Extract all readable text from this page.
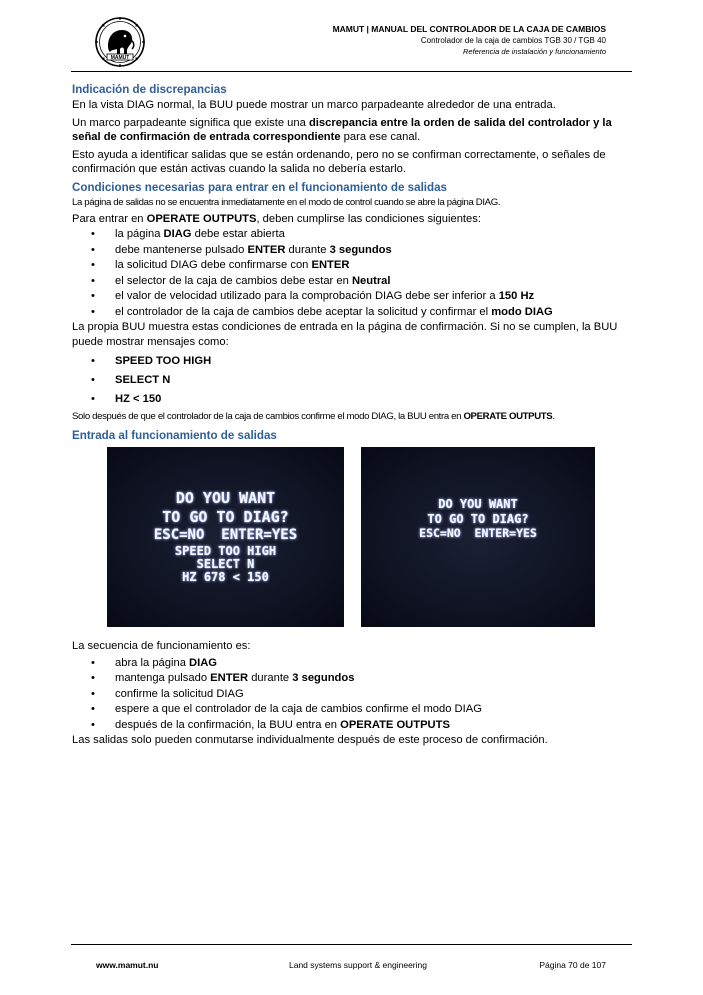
MAMUT
MAMUT | MANUAL DEL CONTROLADOR DE LA CAJA DE CAMBIOS
Controlador de la caja de cambios TGB 30 / TGB 40
Referencia de instalación y funcionamiento
Indicación de discrepancias

En la vista DIAG normal, la BUU puede mostrar un marco parpadeante alrededor de una entrada.

Un marco parpadeante significa que existe una discrepancia entre la orden de salida del controlador y la señal de confirmación de entrada correspondiente para ese canal.

Esto ayuda a identificar salidas que se están ordenando, pero no se confirman correctamente, o señales de confirmación que están activas cuando la salida no debería estarlo.

Condiciones necesarias para entrar en el funcionamiento de salidas

La página de salidas no se encuentra inmediatamente en el modo de control cuando se abre la página DIAG.

Para entrar en OPERATE OUTPUTS, deben cumplirse las condiciones siguientes:

• la página DIAG debe estar abierta
• debe mantenerse pulsado ENTER durante 3 segundos
• la solicitud DIAG debe confirmarse con ENTER
• el selector de la caja de cambios debe estar en Neutral
• el valor de velocidad utilizado para la comprobación DIAG debe ser inferior a 150 Hz
• el controlador de la caja de cambios debe aceptar la solicitud y confirmar el modo DIAG

La propia BUU muestra estas condiciones de entrada en la página de confirmación. Si no se cumplen, la BUU puede mostrar mensajes como:

• SPEED TOO HIGH
• SELECT N
• HZ < 150

Solo después de que el controlador de la caja de cambios confirme el modo DIAG, la BUU entra en OPERATE OUTPUTS.

Entrada al funcionamiento de salidas
DO YOU WANT
TO GO TO DIAG?
ESC=NO  ENTER=YES
SPEED TOO HIGH
SELECT N
HZ 678 < 150
DO YOU WANT
TO GO TO DIAG?
ESC=NO  ENTER=YES

La secuencia de funcionamiento es:

• abra la página DIAG
• mantenga pulsado ENTER durante 3 segundos
• confirme la solicitud DIAG
• espere a que el controlador de la caja de cambios confirme el modo DIAG
• después de la confirmación, la BUU entra en OPERATE OUTPUTS

Las salidas solo pueden conmutarse individualmente después de este proceso de confirmación.

www.mamut.nu	Land systems support & engineering	Página 70 de 107
